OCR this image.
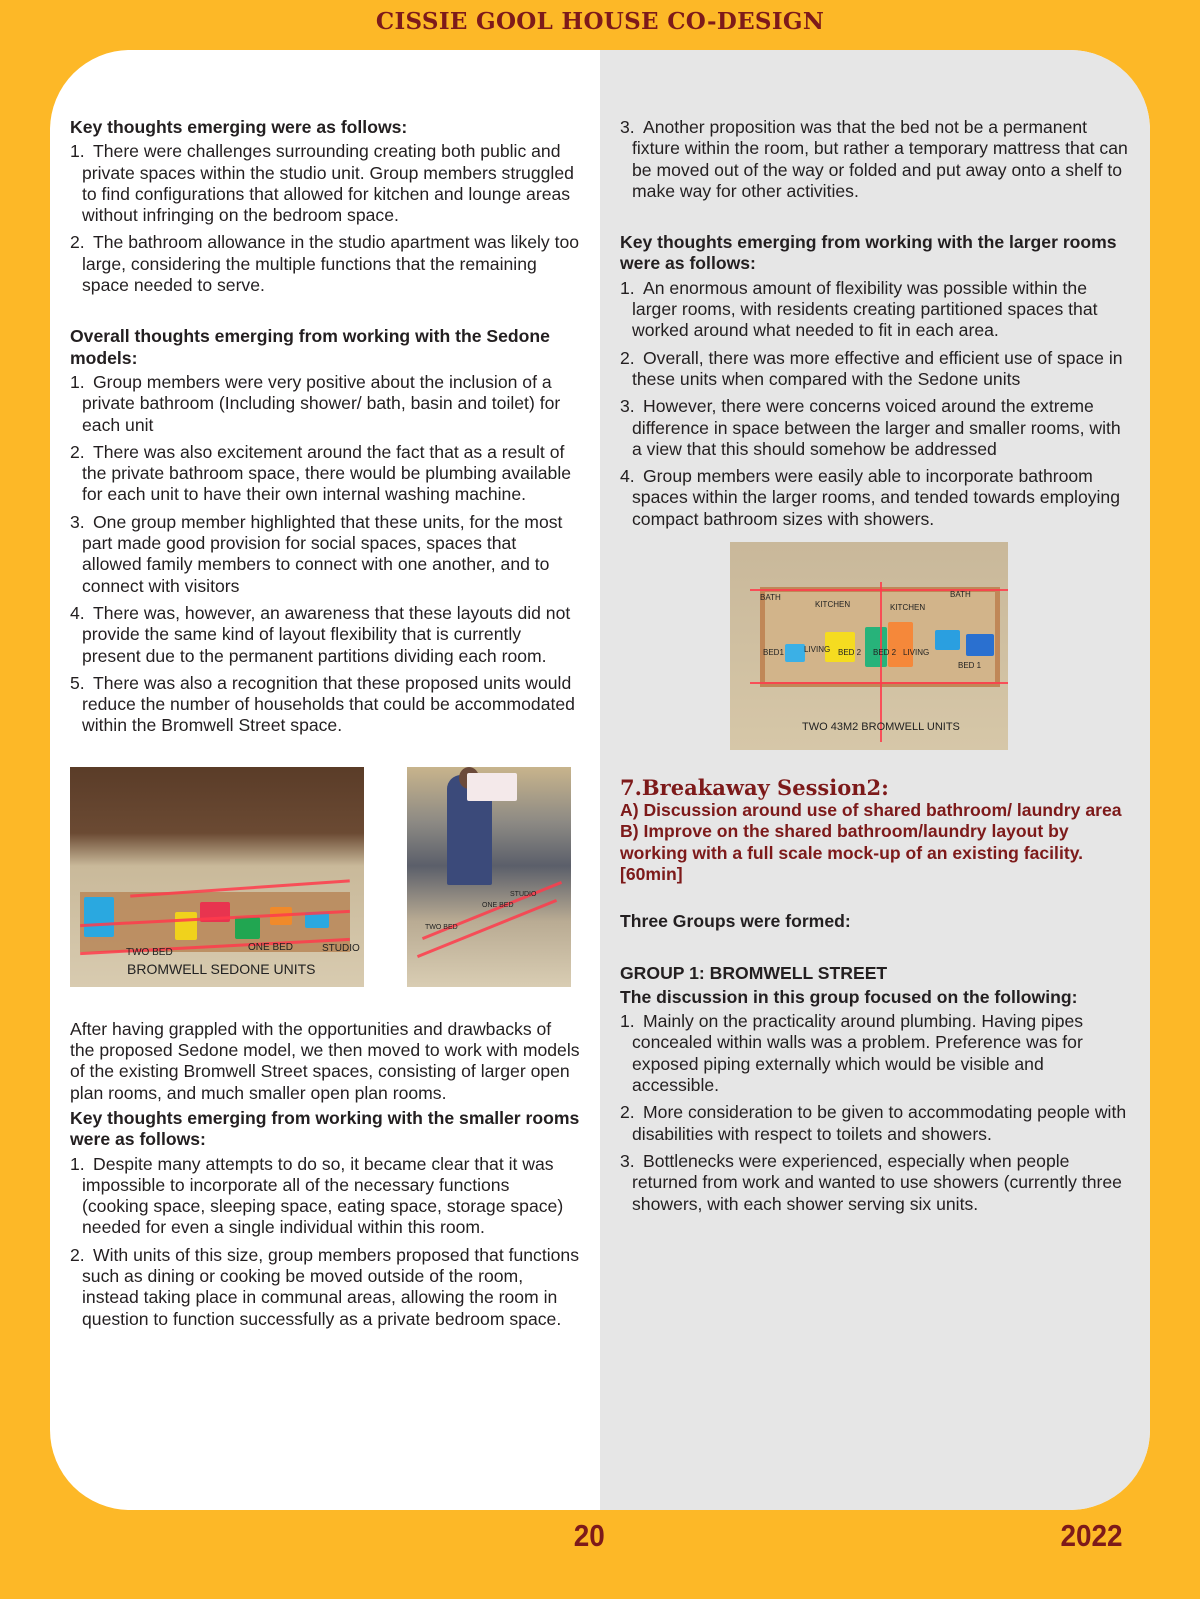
CISSIE GOOL HOUSE CO-DESIGN
Key thoughts emerging were as follows:
1. There were challenges surrounding creating both public and private spaces within the studio unit. Group members struggled to find configurations that allowed for kitchen and lounge areas without infringing on the bedroom space.
2. The bathroom allowance in the studio apartment was likely too large, considering the multiple functions that the remaining space needed to serve.
Overall thoughts emerging from working with the Sedone models:
1. Group members were very positive about the inclusion of a private bathroom (Including shower/ bath, basin and toilet) for each unit
2. There was also excitement around the fact that as a result of the private bathroom space, there would be plumbing available for each unit to have their own internal washing machine.
3. One group member highlighted that these units, for the most part made good provision for social spaces, spaces that allowed family members to connect with one another, and to connect with visitors
4. There was, however, an awareness that these layouts did not provide the same kind of layout flexibility that is currently present due to the permanent partitions dividing each room.
5. There was also a recognition that these proposed units would reduce the number of households that could be accommodated within the Bromwell Street space.
TWO BED	ONE BED	STUDIO
BROMWELL SEDONE UNITS
STUDIO
ONE BED
TWO BED
After having grappled with the opportunities and drawbacks of the proposed Sedone model, we then moved to work with models of the existing Bromwell Street spaces, consisting of larger open plan rooms, and much smaller open plan rooms.
Key thoughts emerging from working with the smaller rooms were as follows:
1. Despite many attempts to do so, it became clear that it was impossible to incorporate all of the necessary functions (cooking space, sleeping space, eating space, storage space) needed for even a single individual within this room.
2. With units of this size, group members proposed that functions such as dining or cooking be moved outside of the room, instead taking place in communal areas, allowing the room in question to function successfully as a private bedroom space.
3. Another proposition was that the bed not be a permanent fixture within the room, but rather a temporary mattress that can be moved out of the way or folded and put away onto a shelf to make way for other activities.
Key thoughts emerging from working with the larger rooms were as follows:
1. An enormous amount of flexibility was possible within the larger rooms, with residents creating partitioned spaces that worked around what needed to fit in each area.
2. Overall, there was more effective and efficient use of space in these units when compared with the Sedone units
3. However, there were concerns voiced around the extreme difference in space between the larger and smaller rooms, with a view that this should somehow be addressed
4. Group members were easily able to incorporate bathroom spaces within the larger rooms, and tended towards employing compact bathroom sizes with showers.
BATH
KITCHEN	KITCHEN
BATH
BED1	LIVING BED 2 BED 2 LIVING
BED 1
TWO 43M2 BROMWELL UNITS
7.Breakaway Session2:
A) Discussion around use of shared bathroom/ laundry area
B) Improve on the shared bathroom/laundry layout by working with a full scale mock-up of an existing facility. [60min]
Three Groups were formed:
GROUP 1: BROMWELL STREET
The discussion in this group focused on the following:
1. Mainly on the practicality around plumbing. Having pipes concealed within walls was a problem. Preference was for exposed piping externally which would be visible and accessible.
2. More consideration to be given to accommodating people with disabilities with respect to toilets and showers.
3. Bottlenecks were experienced, especially when people returned from work and wanted to use showers (currently three showers, with each shower serving six units.
20	2022
